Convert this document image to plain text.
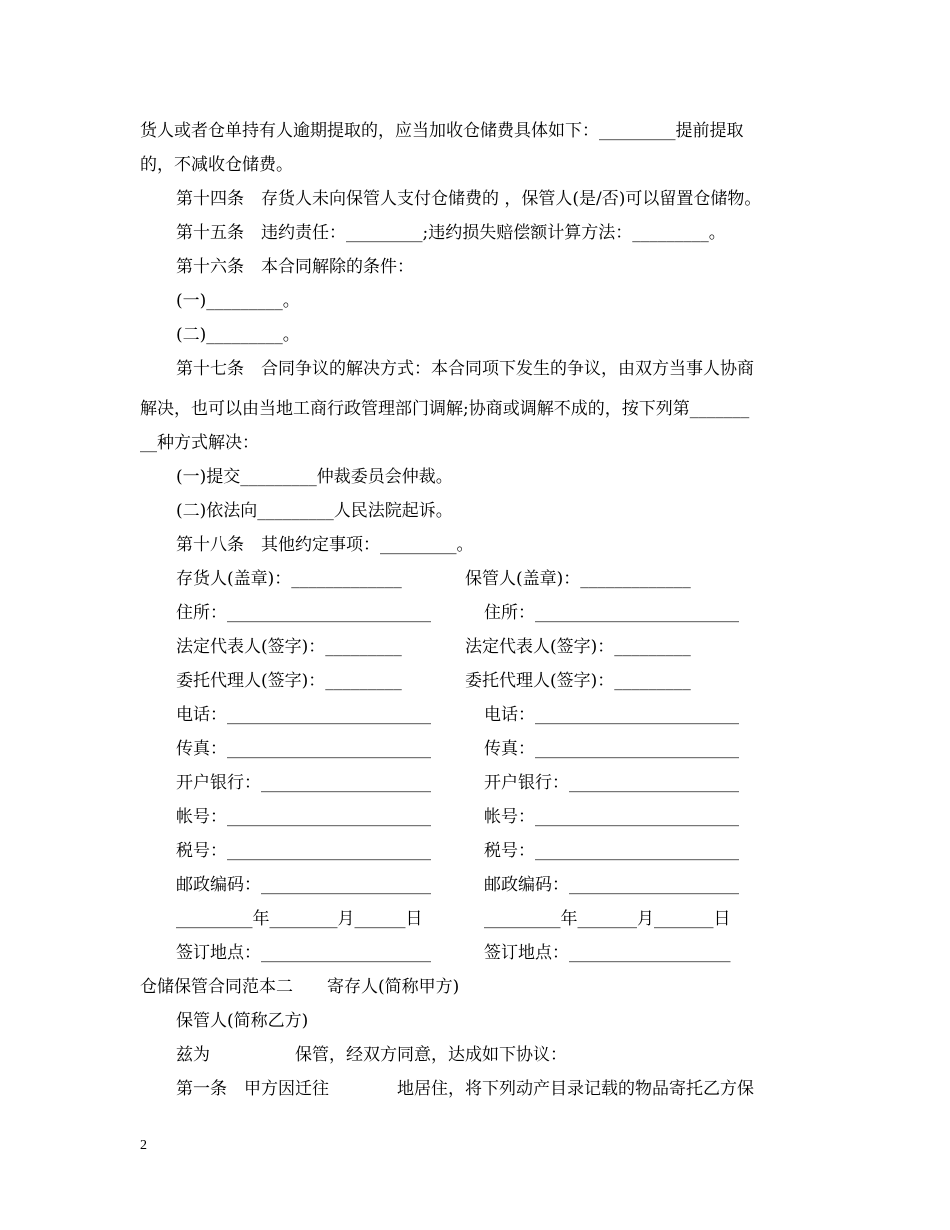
货人或者仓单持有人逾期提取的，应当加收仓储费具体如下：_________提前提取
的，不减收仓储费。
第十四条　存货人未向保管人支付仓储费的 ，保管人(是/否)可以留置仓储物。
第十五条　违约责任：_________;违约损失赔偿额计算方法：_________。
第十六条　本合同解除的条件：
(一)_________。
(二)_________。
第十七条　合同争议的解决方式：本合同项下发生的争议，由双方当事人协商
解决，也可以由当地工商行政管理部门调解;协商或调解不成的，按下列第_______
__种方式解决：
(一)提交_________仲裁委员会仲裁。
(二)依法向_________人民法院起诉。
第十八条　其他约定事项：_________。
存货人(盖章)：_____________
住所：________________________
法定代表人(签字)：_________
委托代理人(签字)：_________
电话：________________________
传真：________________________
开户银行：____________________
帐号：________________________
税号：________________________
邮政编码：____________________
_________年________月______日
签订地点：____________________
保管人(盖章)：_____________
住所：________________________
法定代表人(签字)：_________
委托代理人(签字)：_________
电话：________________________
传真：________________________
开户银行：____________________
帐号：________________________
税号：________________________
邮政编码：____________________
_________年_______月_______日
签订地点：___________________
仓储保管合同范本二　　寄存人(简称甲方)
保管人(简称乙方)
兹为　　　　　保管，经双方同意，达成如下协议：
第一条　甲方因迁往　　　　地居住，将下列动产目录记载的物品寄托乙方保
2
